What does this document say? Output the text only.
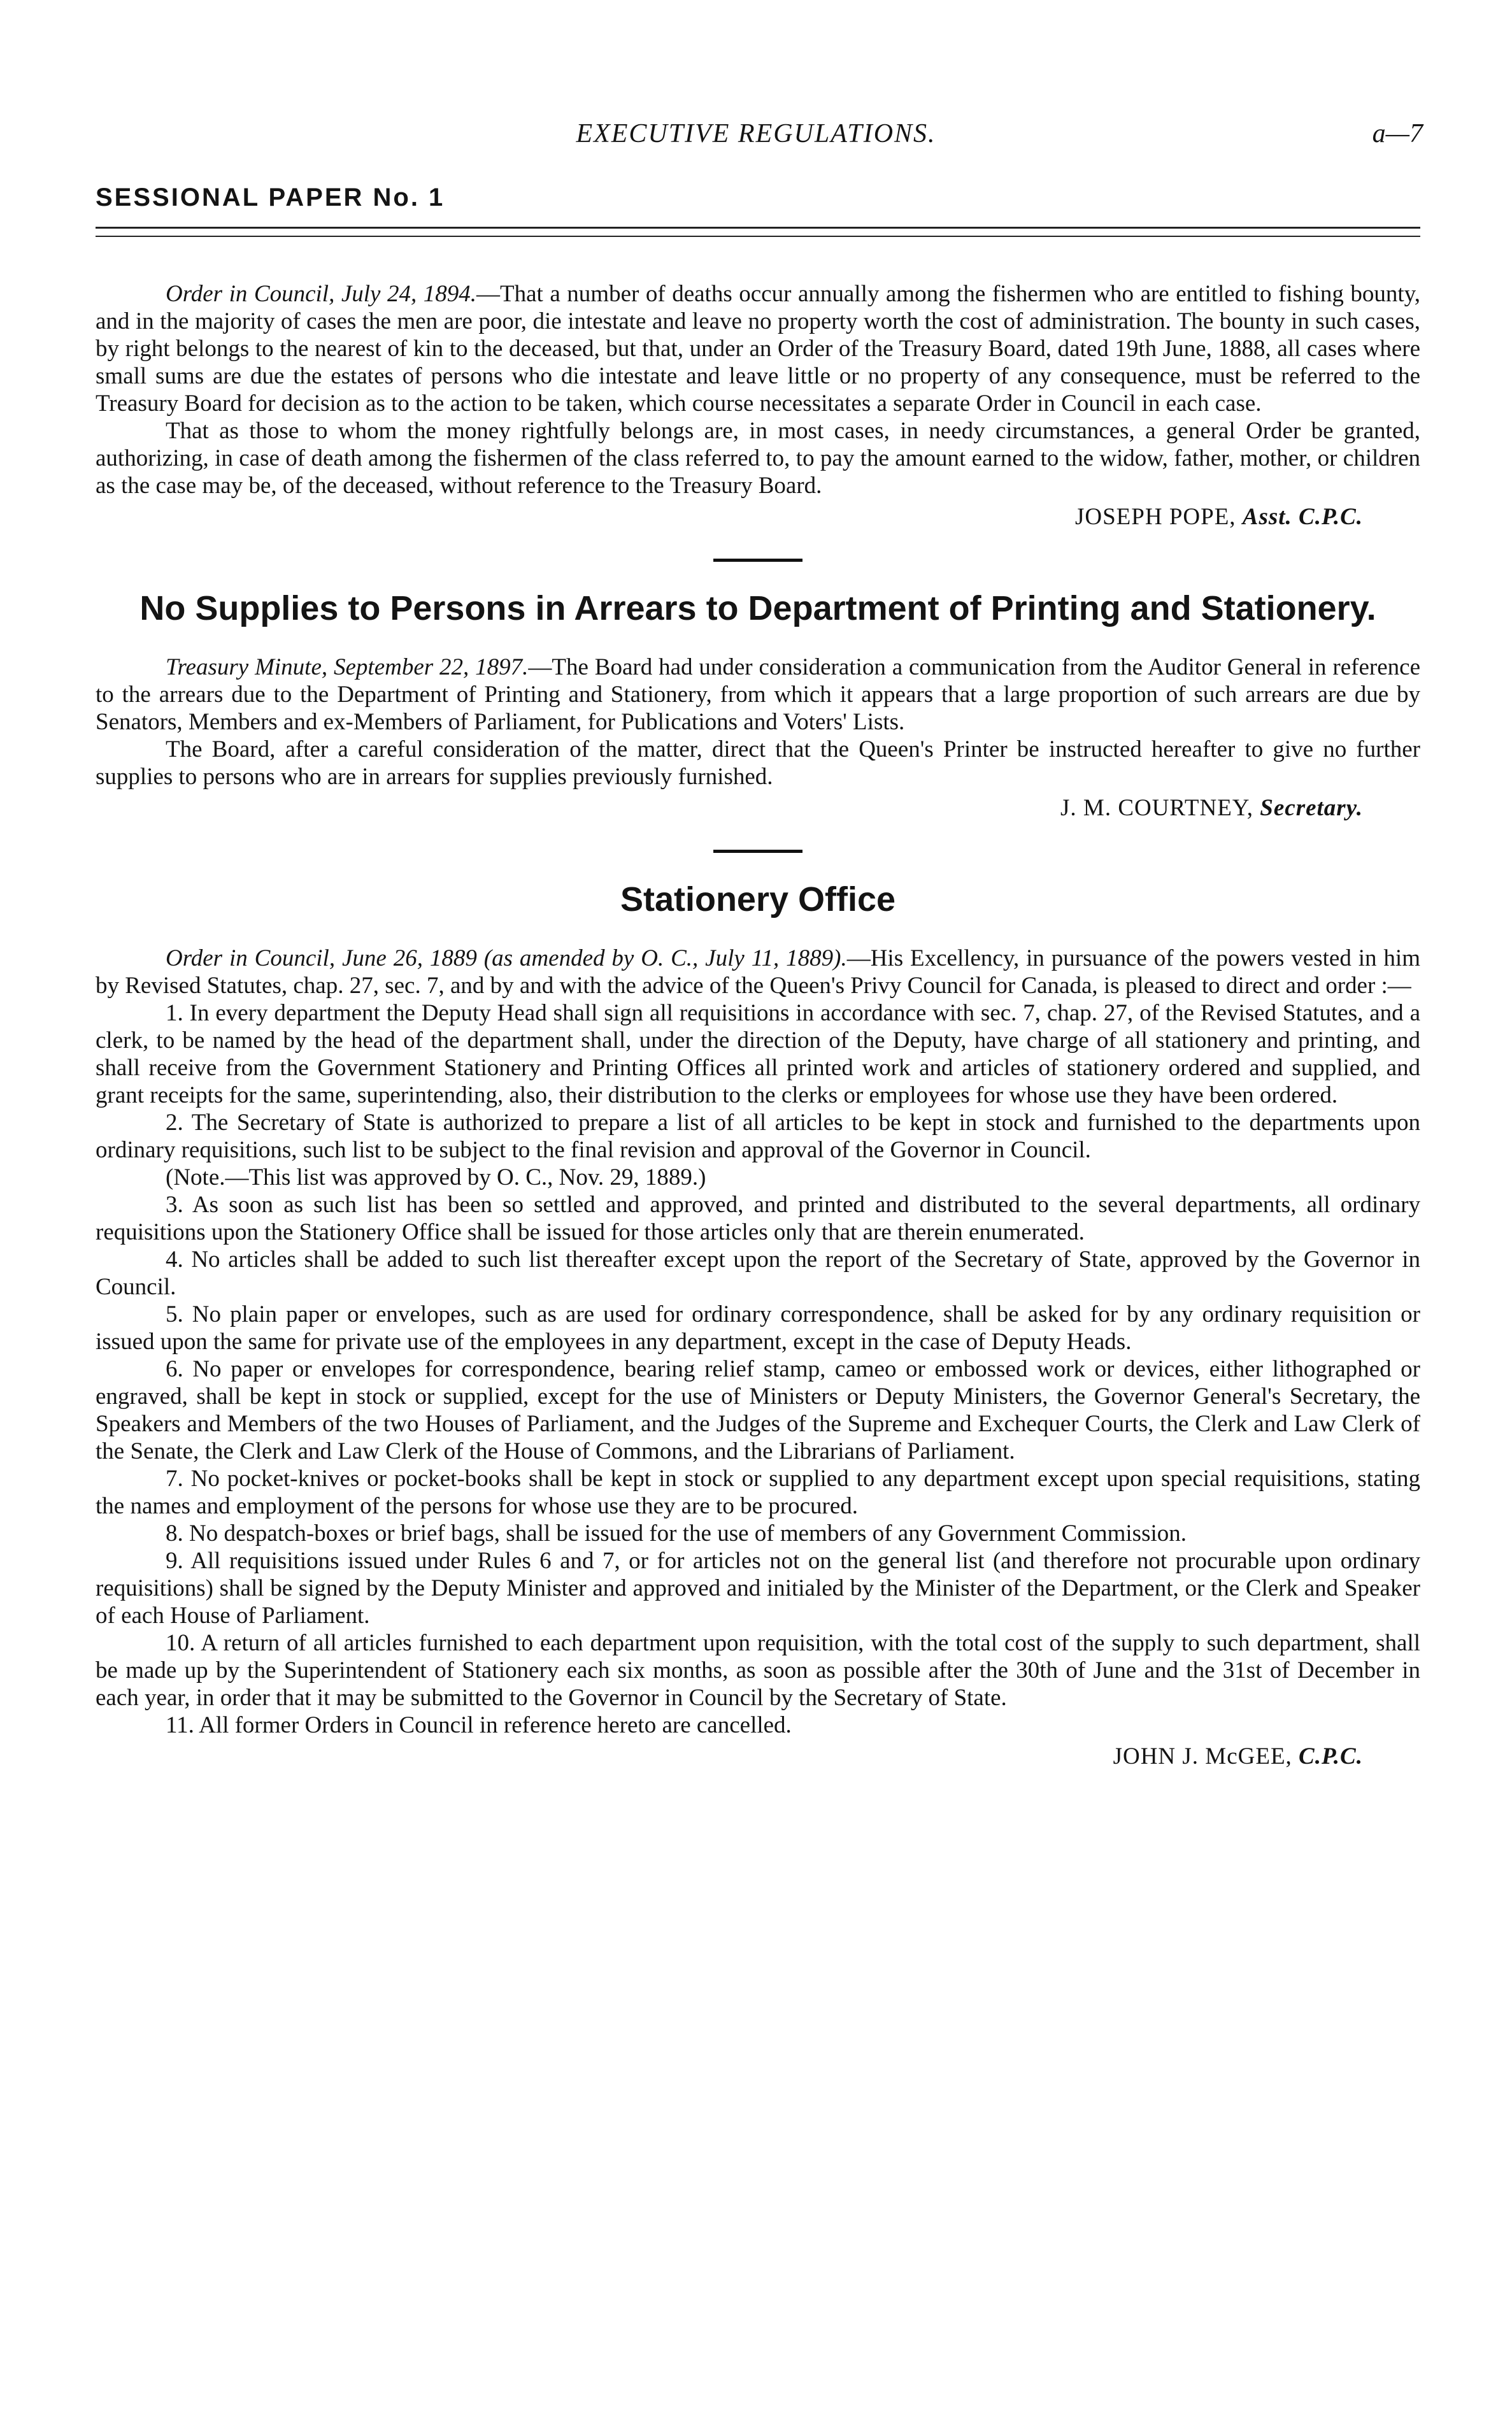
EXECUTIVE REGULATIONS.	a—7
SESSIONAL PAPER No. 1

Order in Council, July 24, 1894.—That a number of deaths occur annually among the fishermen who are entitled to fishing bounty, and in the majority of cases the men are poor, die intestate and leave no property worth the cost of administration. The bounty in such cases, by right belongs to the nearest of kin to the deceased, but that, under an Order of the Treasury Board, dated 19th June, 1888, all cases where small sums are due the estates of persons who die intestate and leave little or no property of any consequence, must be referred to the Treasury Board for decision as to the action to be taken, which course necessitates a separate Order in Council in each case.

That as those to whom the money rightfully belongs are, in most cases, in needy circumstances, a general Order be granted, authorizing, in case of death among the fishermen of the class referred to, to pay the amount earned to the widow, father, mother, or children as the case may be, of the deceased, without reference to the Treasury Board.

JOSEPH POPE, Asst. C.P.C.

No Supplies to Persons in Arrears to Department of Printing and Stationery.

Treasury Minute, September 22, 1897.—The Board had under consideration a communication from the Auditor General in reference to the arrears due to the Department of Printing and Stationery, from which it appears that a large proportion of such arrears are due by Senators, Members and ex-Members of Parliament, for Publications and Voters' Lists.

The Board, after a careful consideration of the matter, direct that the Queen's Printer be instructed hereafter to give no further supplies to persons who are in arrears for supplies previously furnished.

J. M. COURTNEY, Secretary.

Stationery Office

Order in Council, June 26, 1889 (as amended by O. C., July 11, 1889).—His Excellency, in pursuance of the powers vested in him by Revised Statutes, chap. 27, sec. 7, and by and with the advice of the Queen's Privy Council for Canada, is pleased to direct and order :—

1. In every department the Deputy Head shall sign all requisitions in accordance with sec. 7, chap. 27, of the Revised Statutes, and a clerk, to be named by the head of the department shall, under the direction of the Deputy, have charge of all stationery and printing, and shall receive from the Government Stationery and Printing Offices all printed work and articles of stationery ordered and supplied, and grant receipts for the same, superintending, also, their distribution to the clerks or employees for whose use they have been ordered.

2. The Secretary of State is authorized to prepare a list of all articles to be kept in stock and furnished to the departments upon ordinary requisitions, such list to be subject to the final revision and approval of the Governor in Council.

(Note.—This list was approved by O. C., Nov. 29, 1889.)

3. As soon as such list has been so settled and approved, and printed and distributed to the several departments, all ordinary requisitions upon the Stationery Office shall be issued for those articles only that are therein enumerated.

4. No articles shall be added to such list thereafter except upon the report of the Secretary of State, approved by the Governor in Council.

5. No plain paper or envelopes, such as are used for ordinary correspondence, shall be asked for by any ordinary requisition or issued upon the same for private use of the employees in any department, except in the case of Deputy Heads.

6. No paper or envelopes for correspondence, bearing relief stamp, cameo or embossed work or devices, either lithographed or engraved, shall be kept in stock or supplied, except for the use of Ministers or Deputy Ministers, the Governor General's Secretary, the Speakers and Members of the two Houses of Parliament, and the Judges of the Supreme and Exchequer Courts, the Clerk and Law Clerk of the Senate, the Clerk and Law Clerk of the House of Commons, and the Librarians of Parliament.

7. No pocket-knives or pocket-books shall be kept in stock or supplied to any department except upon special requisitions, stating the names and employment of the persons for whose use they are to be procured.

8. No despatch-boxes or brief bags, shall be issued for the use of members of any Government Commission.

9. All requisitions issued under Rules 6 and 7, or for articles not on the general list (and therefore not procurable upon ordinary requisitions) shall be signed by the Deputy Minister and approved and initialed by the Minister of the Department, or the Clerk and Speaker of each House of Parliament.

10. A return of all articles furnished to each department upon requisition, with the total cost of the supply to such department, shall be made up by the Superintendent of Stationery each six months, as soon as possible after the 30th of June and the 31st of December in each year, in order that it may be submitted to the Governor in Council by the Secretary of State.

11. All former Orders in Council in reference hereto are cancelled.

JOHN J. McGEE, C.P.C.
